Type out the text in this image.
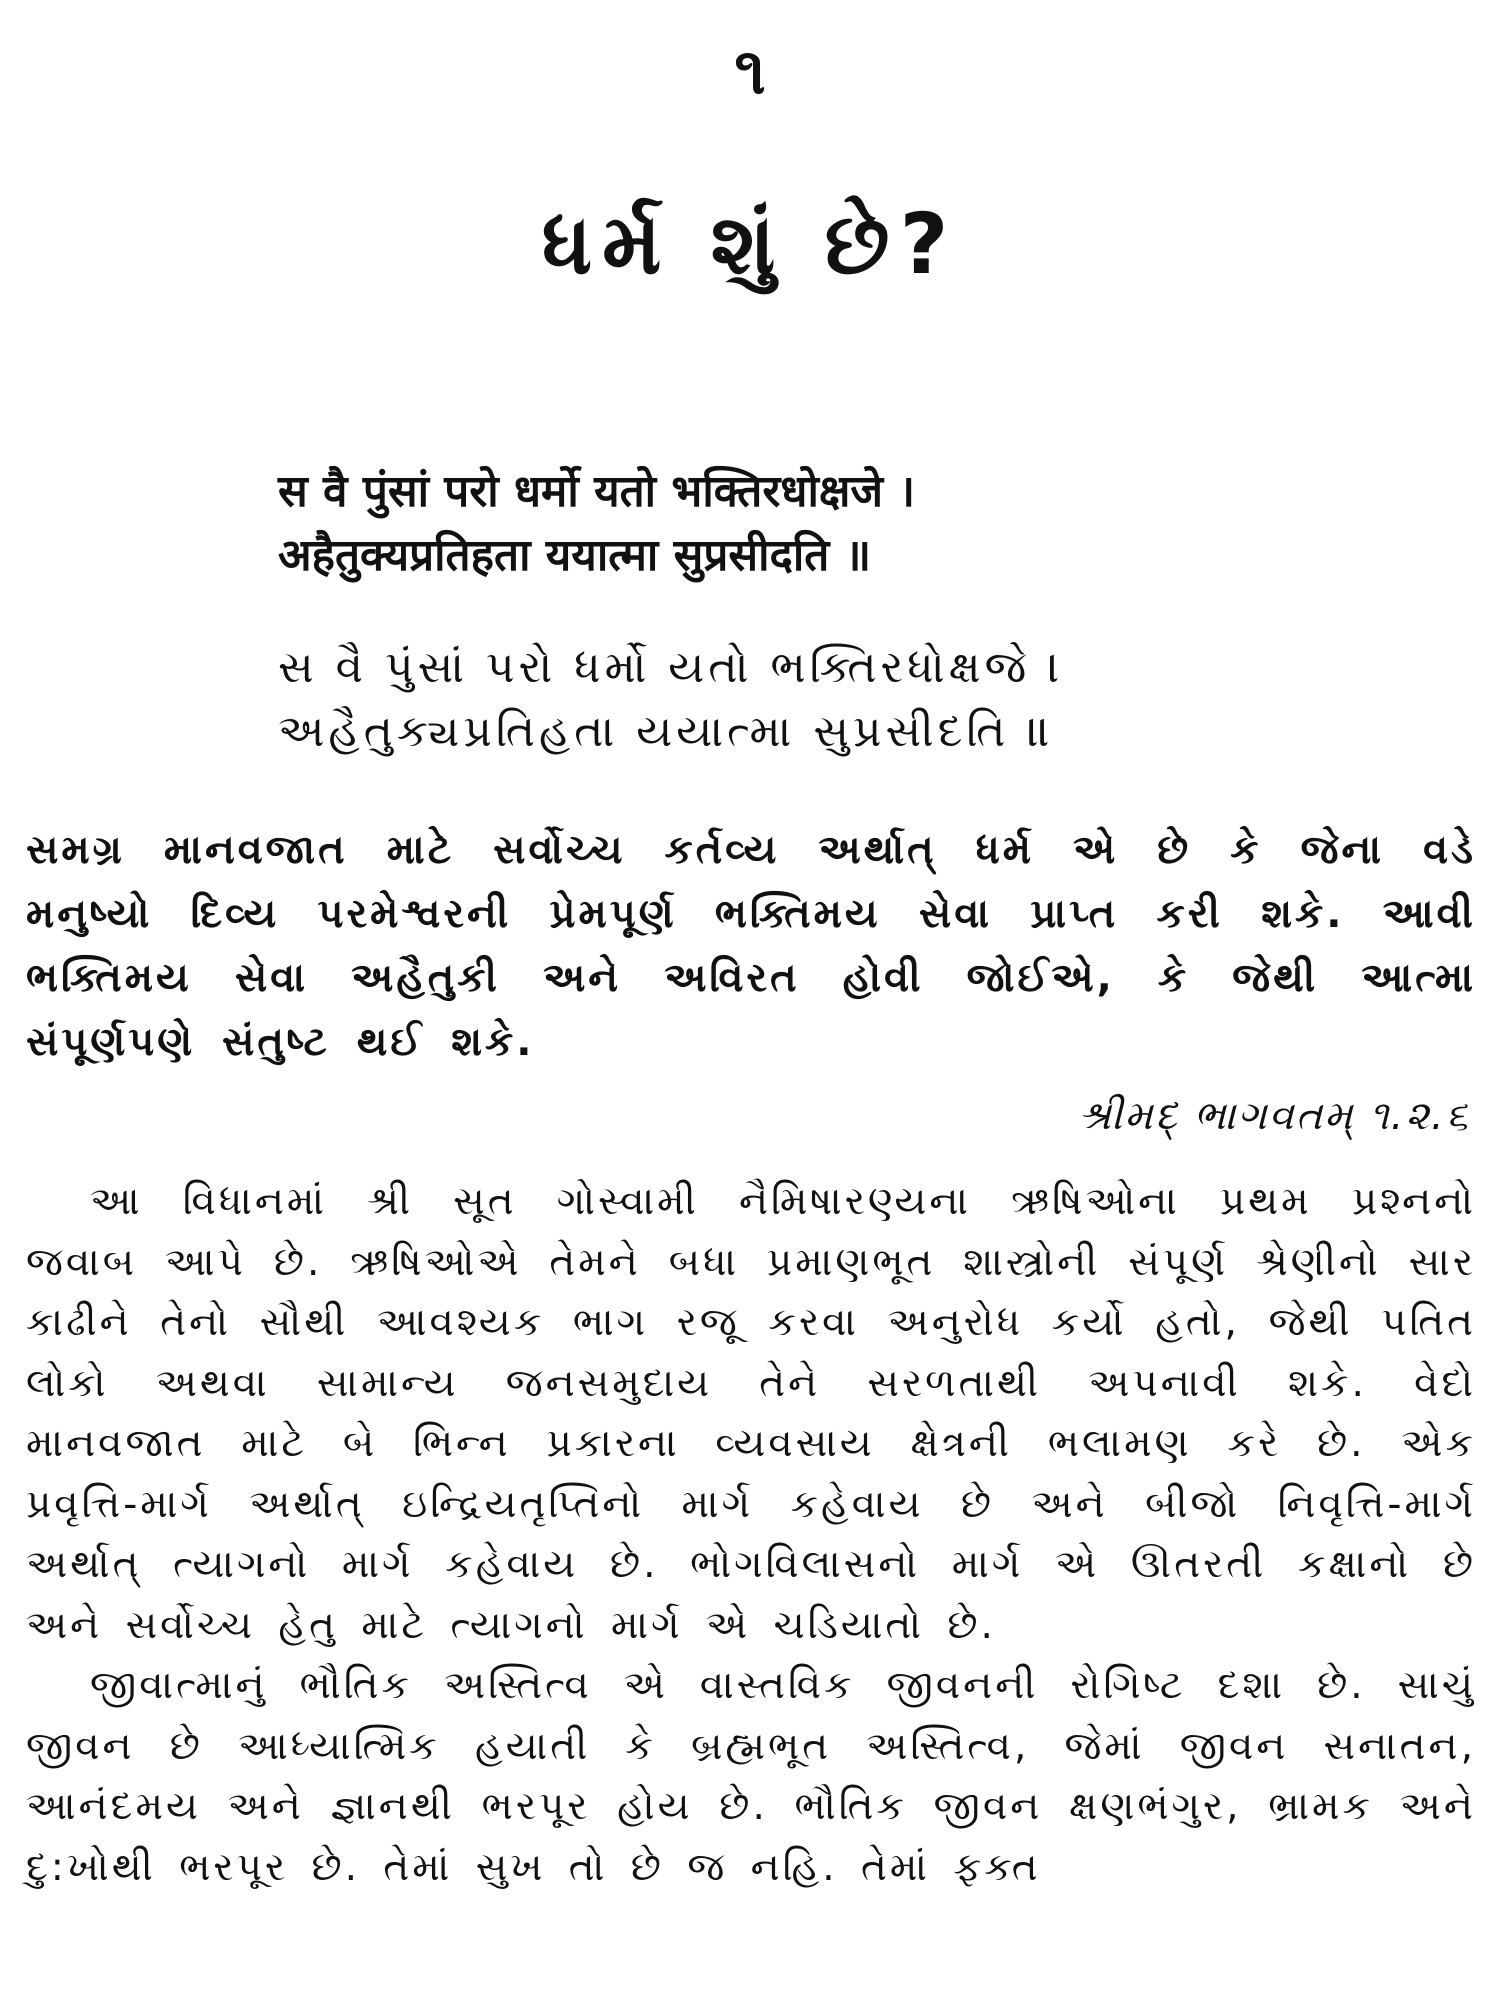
૧
ધર્મ શું છે?
स वै पुंसां परो धर्मो यतो भक्तिरधोक्षजे ।
अहैतुक्यप्रतिहता ययात्मा सुप्रसीदति ॥
સ વૈ પુંસાં પરો ધર્મો યતો ભક્તિરધોક્ષજે ।
અહૈતુક્યપ્રતિહતા યયાત્મા સુપ્રસીદતિ ॥
સમગ્ર માનવજાત માટે સર્વોચ્ચ કર્તવ્ય અર્થાત્ ધર્મ એ છે કે જેના વડે મનુષ્યો દિવ્ય પરમેશ્વરની પ્રેમપૂર્ણ ભક્તિમય સેવા પ્રાપ્ત કરી શકે. આવી ભક્તિમય સેવા અહૈતુકી અને અવિરત હોવી જોઈએ, કે જેથી આત્મા સંપૂર્ણપણે સંતુષ્ટ થઈ શકે.
શ્રીમદ્ ભાગવતમ્ ૧.૨.૬

આ વિધાનમાં શ્રી સૂત ગોસ્વામી નૈમિષારણ્યના ઋષિઓના પ્રથમ પ્રશ્નનો જવાબ આપે છે. ઋષિઓએ તેમને બધા પ્રમાણભૂત શાસ્ત્રોની સંપૂર્ણ શ્રેણીનો સાર કાઢીને તેનો સૌથી આવશ્યક ભાગ રજૂ કરવા અનુરોધ કર્યો હતો, જેથી પતિત લોકો અથવા સામાન્ય જનસમુદાય તેને સરળતાથી અપનાવી શકે. વેદો માનવજાત માટે બે ભિન્ન પ્રકારના વ્યવસાય ક્ષેત્રની ભલામણ કરે છે. એક પ્રવૃત્તિ-માર્ગ અર્થાત્ ઇન્દ્રિયતૃપ્તિનો માર્ગ કહેવાય છે અને બીજો નિવૃત્તિ-માર્ગ અર્થાત્ ત્યાગનો માર્ગ કહેવાય છે. ભોગવિલાસનો માર્ગ એ ઊતરતી કક્ષાનો છે અને સર્વોચ્ચ હેતુ માટે ત્યાગનો માર્ગ એ ચડિયાતો છે.

જીવાત્માનું ભૌતિક અસ્તિત્વ એ વાસ્તવિક જીવનની રોગિષ્ટ દશા છે. સાચું જીવન છે આધ્યાત્મિક હયાતી કે બ્રહ્મભૂત અસ્તિત્વ, જેમાં જીવન સનાતન, આનંદમય અને જ્ઞાનથી ભરપૂર હોય છે. ભૌતિક જીવન ક્ષણભંગુર, ભ્રામક અને દુ:ખોથી ભરપૂર છે. તેમાં સુખ તો છે જ નહિ. તેમાં ફક્ત
